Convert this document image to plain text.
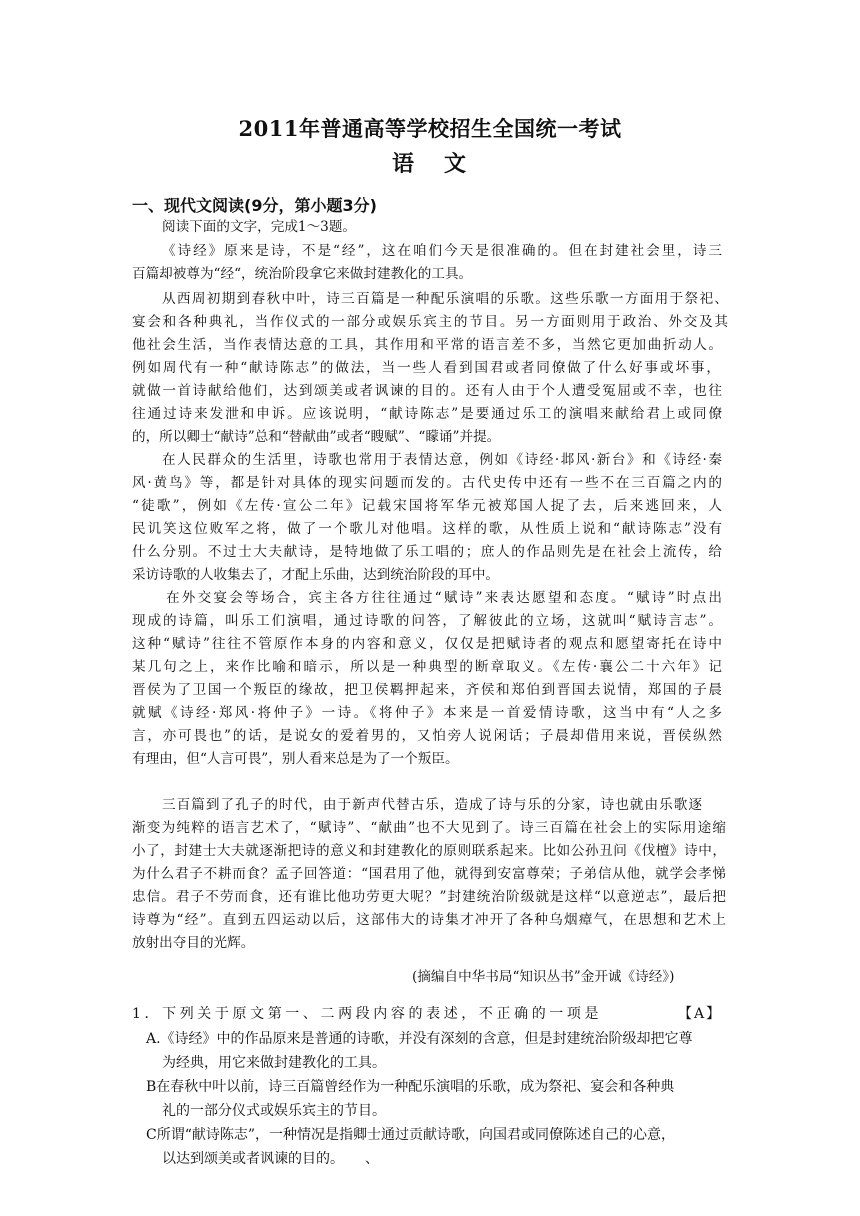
2011年普通高等学校招生全国统一考试
语文
一、现代文阅读(9分，第小题3分)
阅读下面的文字，完成1～3题。
《诗经》原来是诗，不是“经”，这在咱们今天是很准确的。但在封建社会里，诗三
百篇却被尊为“经“，统治阶段拿它来做封建教化的工具。
从西周初期到春秋中叶，诗三百篇是一种配乐演唱的乐歌。这些乐歌一方面用于祭祀、
宴会和各种典礼，当作仪式的一部分或娱乐宾主的节目。另一方面则用于政治、外交及其
他社会生活，当作表情达意的工具，其作用和平常的语言差不多，当然它更加曲折动人。
例如周代有一种“献诗陈志”的做法，当一些人看到国君或者同僚做了什么好事或坏事，
就做一首诗献给他们，达到颂美或者讽谏的目的。还有人由于个人遭受冤屈或不幸，也往
往通过诗来发泄和申诉。应该说明，“献诗陈志”是要通过乐工的演唱来献给君上或同僚
的，所以卿士“献诗”总和“替献曲”或者“瞍赋”、“矇诵”并提。
在人民群众的生活里，诗歌也常用于表情达意，例如《诗经·邶风·新台》和《诗经·秦
风·黄鸟》等，都是针对具体的现实问题而发的。古代史传中还有一些不在三百篇之内的
“徒歌”，例如《左传·宣公二年》记载宋国将军华元被郑国人捉了去，后来逃回来，人
民讥笑这位败军之将，做了一个歌儿对他唱。这样的歌，从性质上说和“献诗陈志”没有
什么分别。不过士大夫献诗，是特地做了乐工唱的；庶人的作品则先是在社会上流传，给
采访诗歌的人收集去了，才配上乐曲，达到统治阶段的耳中。
在外交宴会等场合，宾主各方往往通过“赋诗”来表达愿望和态度。“赋诗”时点出
现成的诗篇，叫乐工们演唱，通过诗歌的问答，了解彼此的立场，这就叫“赋诗言志”。
这种“赋诗”往往不管原作本身的内容和意义，仅仅是把赋诗者的观点和愿望寄托在诗中
某几句之上，来作比喻和暗示，所以是一种典型的断章取义。《左传·襄公二十六年》记
晋侯为了卫国一个叛臣的缘故，把卫侯羁押起来，齐侯和郑伯到晋国去说情，郑国的子晨
就赋《诗经·郑风·将仲子》一诗。《将仲子》本来是一首爱情诗歌，这当中有“人之多
言，亦可畏也”的话，是说女的爱着男的，又怕旁人说闲话；子晨却借用来说，晋侯纵然
有理由，但“人言可畏”，别人看来总是为了一个叛臣。
三百篇到了孔子的时代，由于新声代替古乐，造成了诗与乐的分家，诗也就由乐歌逐
渐变为纯粹的语言艺术了，“赋诗”、“献曲”也不大见到了。诗三百篇在社会上的实际用途缩
小了，封建士大夫就逐渐把诗的意义和封建教化的原则联系起来。比如公孙丑问《伐檀》诗中，
为什么君子不耕而食？孟子回答道：“国君用了他，就得到安富尊荣；子弟信从他，就学会孝悌
忠信。君子不劳而食，还有谁比他功劳更大呢？”封建统治阶级就是这样“以意逆志”，最后把
诗尊为“经”。直到五四运动以后，这部伟大的诗集才冲开了各种乌烟瘴气，在思想和艺术上
放射出夺目的光辉。
(摘编自中华书局“知识丛书”金开诚《诗经》)
1．下列关于原文第一、二两段内容的表述，不正确的一项是	【A】
A.《诗经》中的作品原来是普通的诗歌，并没有深刻的含意，但是封建统治阶级却把它尊
为经典，用它来做封建教化的工具。
B在春秋中叶以前，诗三百篇曾经作为一种配乐演唱的乐歌，成为祭祀、宴会和各种典
礼的一部分仪式或娱乐宾主的节目。
C所谓“献诗陈志”，一种情况是指卿士通过贡献诗歌，向国君或同僚陈述自己的心意，
以达到颂美或者讽谏的目的。　　、
